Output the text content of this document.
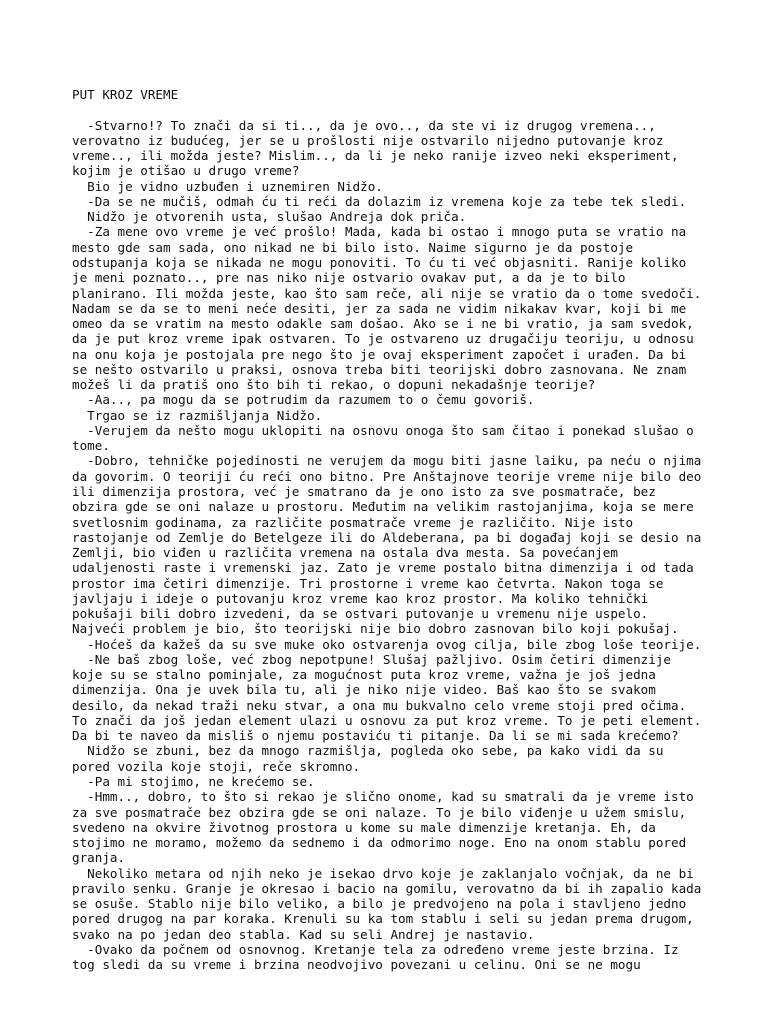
PUT KROZ VREME
-Stvarno!? To znači da si ti.., da je ovo.., da ste vi iz drugog vremena..,
verovatno iz budućeg, jer se u prošlosti nije ostvarilo nijedno putovanje kroz
vreme.., ili možda jeste? Mislim.., da li je neko ranije izveo neki eksperiment,
kojim je otišao u drugo vreme?
Bio je vidno uzbuđen i uznemiren Nidžo.
-Da se ne mučiš, odmah ću ti reći da dolazim iz vremena koje za tebe tek sledi.
Nidžo je otvorenih usta, slušao Andreja dok priča.
-Za mene ovo vreme je već prošlo! Mada, kada bi ostao i mnogo puta se vratio na
mesto gde sam sada, ono nikad ne bi bilo isto. Naime sigurno je da postoje
odstupanja koja se nikada ne mogu ponoviti. To ću ti već objasniti. Ranije koliko
je meni poznato.., pre nas niko nije ostvario ovakav put, a da je to bilo
planirano. Ili možda jeste, kao što sam reče, ali nije se vratio da o tome svedoči.
Nadam se da se to meni neće desiti, jer za sada ne vidim nikakav kvar, koji bi me
omeo da se vratim na mesto odakle sam došao. Ako se i ne bi vratio, ja sam svedok,
da je put kroz vreme ipak ostvaren. To je ostvareno uz drugačiju teoriju, u odnosu
na onu koja je postojala pre nego što je ovaj eksperiment započet i urađen. Da bi
se nešto ostvarilo u praksi, osnova treba biti teorijski dobro zasnovana. Ne znam
možeš li da pratiš ono što bih ti rekao, o dopuni nekadašnje teorije?
-Aa.., pa mogu da se potrudim da razumem to o čemu govoriš.
Trgao se iz razmišljanja Nidžo.
-Verujem da nešto mogu uklopiti na osnovu onoga što sam čitao i ponekad slušao o
tome.
-Dobro, tehničke pojedinosti ne verujem da mogu biti jasne laiku, pa neću o njima
da govorim. O teoriji ću reći ono bitno. Pre Anštajnove teorije vreme nije bilo deo
ili dimenzija prostora, već je smatrano da je ono isto za sve posmatrače, bez
obzira gde se oni nalaze u prostoru. Međutim na velikim rastojanjima, koja se mere
svetlosnim godinama, za različite posmatrače vreme je različito. Nije isto
rastojanje od Zemlje do Betelgeze ili do Aldeberana, pa bi događaj koji se desio na
Zemlji, bio viđen u različita vremena na ostala dva mesta. Sa povećanjem
udaljenosti raste i vremenski jaz. Zato je vreme postalo bitna dimenzija i od tada
prostor ima četiri dimenzije. Tri prostorne i vreme kao četvrta. Nakon toga se
javljaju i ideje o putovanju kroz vreme kao kroz prostor. Ma koliko tehnički
pokušaji bili dobro izvedeni, da se ostvari putovanje u vremenu nije uspelo.
Najveći problem je bio, što teorijski nije bio dobro zasnovan bilo koji pokušaj.
-Hoćeš da kažeš da su sve muke oko ostvarenja ovog cilja, bile zbog loše teorije.
-Ne baš zbog loše, već zbog nepotpune! Slušaj pažljivo. Osim četiri dimenzije
koje su se stalno pominjale, za mogućnost puta kroz vreme, važna je još jedna
dimenzija. Ona je uvek bila tu, ali je niko nije video. Baš kao što se svakom
desilo, da nekad traži neku stvar, a ona mu bukvalno celo vreme stoji pred očima.
To znači da još jedan element ulazi u osnovu za put kroz vreme. To je peti element.
Da bi te naveo da misliš o njemu postaviću ti pitanje. Da li se mi sada krećemo?
Nidžo se zbuni, bez da mnogo razmišlja, pogleda oko sebe, pa kako vidi da su
pored vozila koje stoji, reče skromno.
-Pa mi stojimo, ne krećemo se.
-Hmm.., dobro, to što si rekao je slično onome, kad su smatrali da je vreme isto
za sve posmatrače bez obzira gde se oni nalaze. To je bilo viđenje u užem smislu,
svedeno na okvire životnog prostora u kome su male dimenzije kretanja. Eh, da
stojimo ne moramo, možemo da sednemo i da odmorimo noge. Eno na onom stablu pored
granja.
Nekoliko metara od njih neko je isekao drvo koje je zaklanjalo vočnjak, da ne bi
pravilo senku. Granje je okresao i bacio na gomilu, verovatno da bi ih zapalio kada
se osuše. Stablo nije bilo veliko, a bilo je predvojeno na pola i stavljeno jedno
pored drugog na par koraka. Krenuli su ka tom stablu i seli su jedan prema drugom,
svako na po jedan deo stabla. Kad su seli Andrej je nastavio.
-Ovako da počnem od osnovnog. Kretanje tela za određeno vreme jeste brzina. Iz
tog sledi da su vreme i brzina neodvojivo povezani u celinu. Oni se ne mogu
